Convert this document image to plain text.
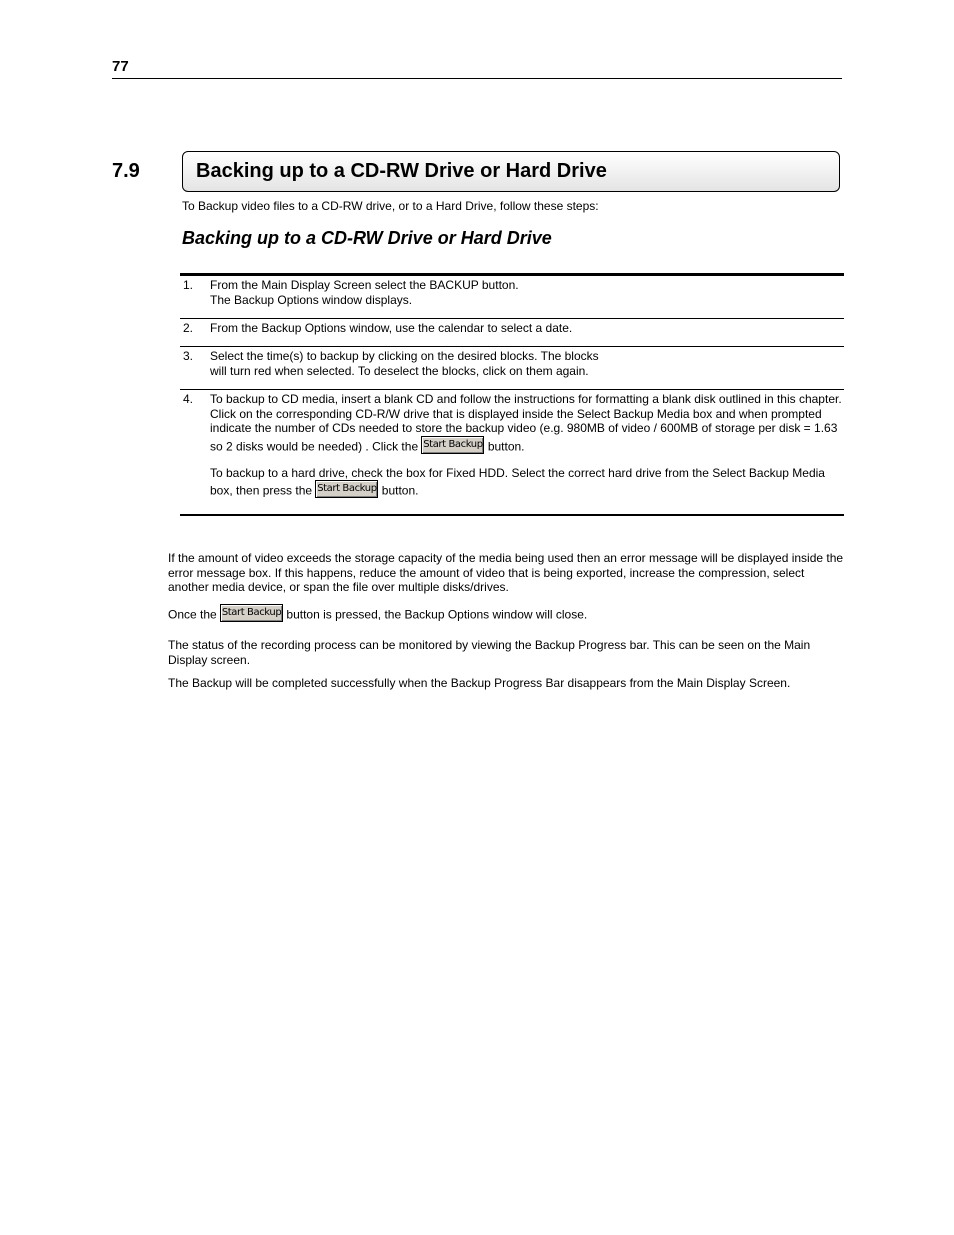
77
7.9	Backing up to a CD-RW Drive or Hard Drive
To Backup video files to a CD-RW drive, or to a Hard Drive, follow these steps:
Backing up to a CD-RW Drive or Hard Drive
1. From the Main Display Screen select the BACKUP button.
The Backup Options window displays.
2. From the Backup Options window, use the calendar to select a date.
3. Select the time(s) to backup by clicking on the desired blocks. The blocks
will turn red when selected. To deselect the blocks, click on them again.
4. To backup to CD media, insert a blank CD and follow the instructions for formatting a blank disk outlined in this chapter. Click on the corresponding CD-R/W drive that is displayed inside the Select Backup Media box and when prompted indicate the number of CDs needed to store the backup video (e.g. 980MB of video / 600MB of storage per disk = 1.63 so 2 disks would be needed) . Click the Start Backup button.
To backup to a hard drive, check the box for Fixed HDD. Select the correct hard drive from the Select Backup Media box, then press the Start Backup button.
If the amount of video exceeds the storage capacity of the media being used then an error message will be displayed inside the error message box. If this happens, reduce the amount of video that is being exported, increase the compression, select another media device, or span the file over multiple disks/drives.
Once the Start Backup button is pressed, the Backup Options window will close.
The status of the recording process can be monitored by viewing the Backup Progress bar. This can be seen on the Main Display screen.
The Backup will be completed successfully when the Backup Progress Bar disappears from the Main Display Screen.
